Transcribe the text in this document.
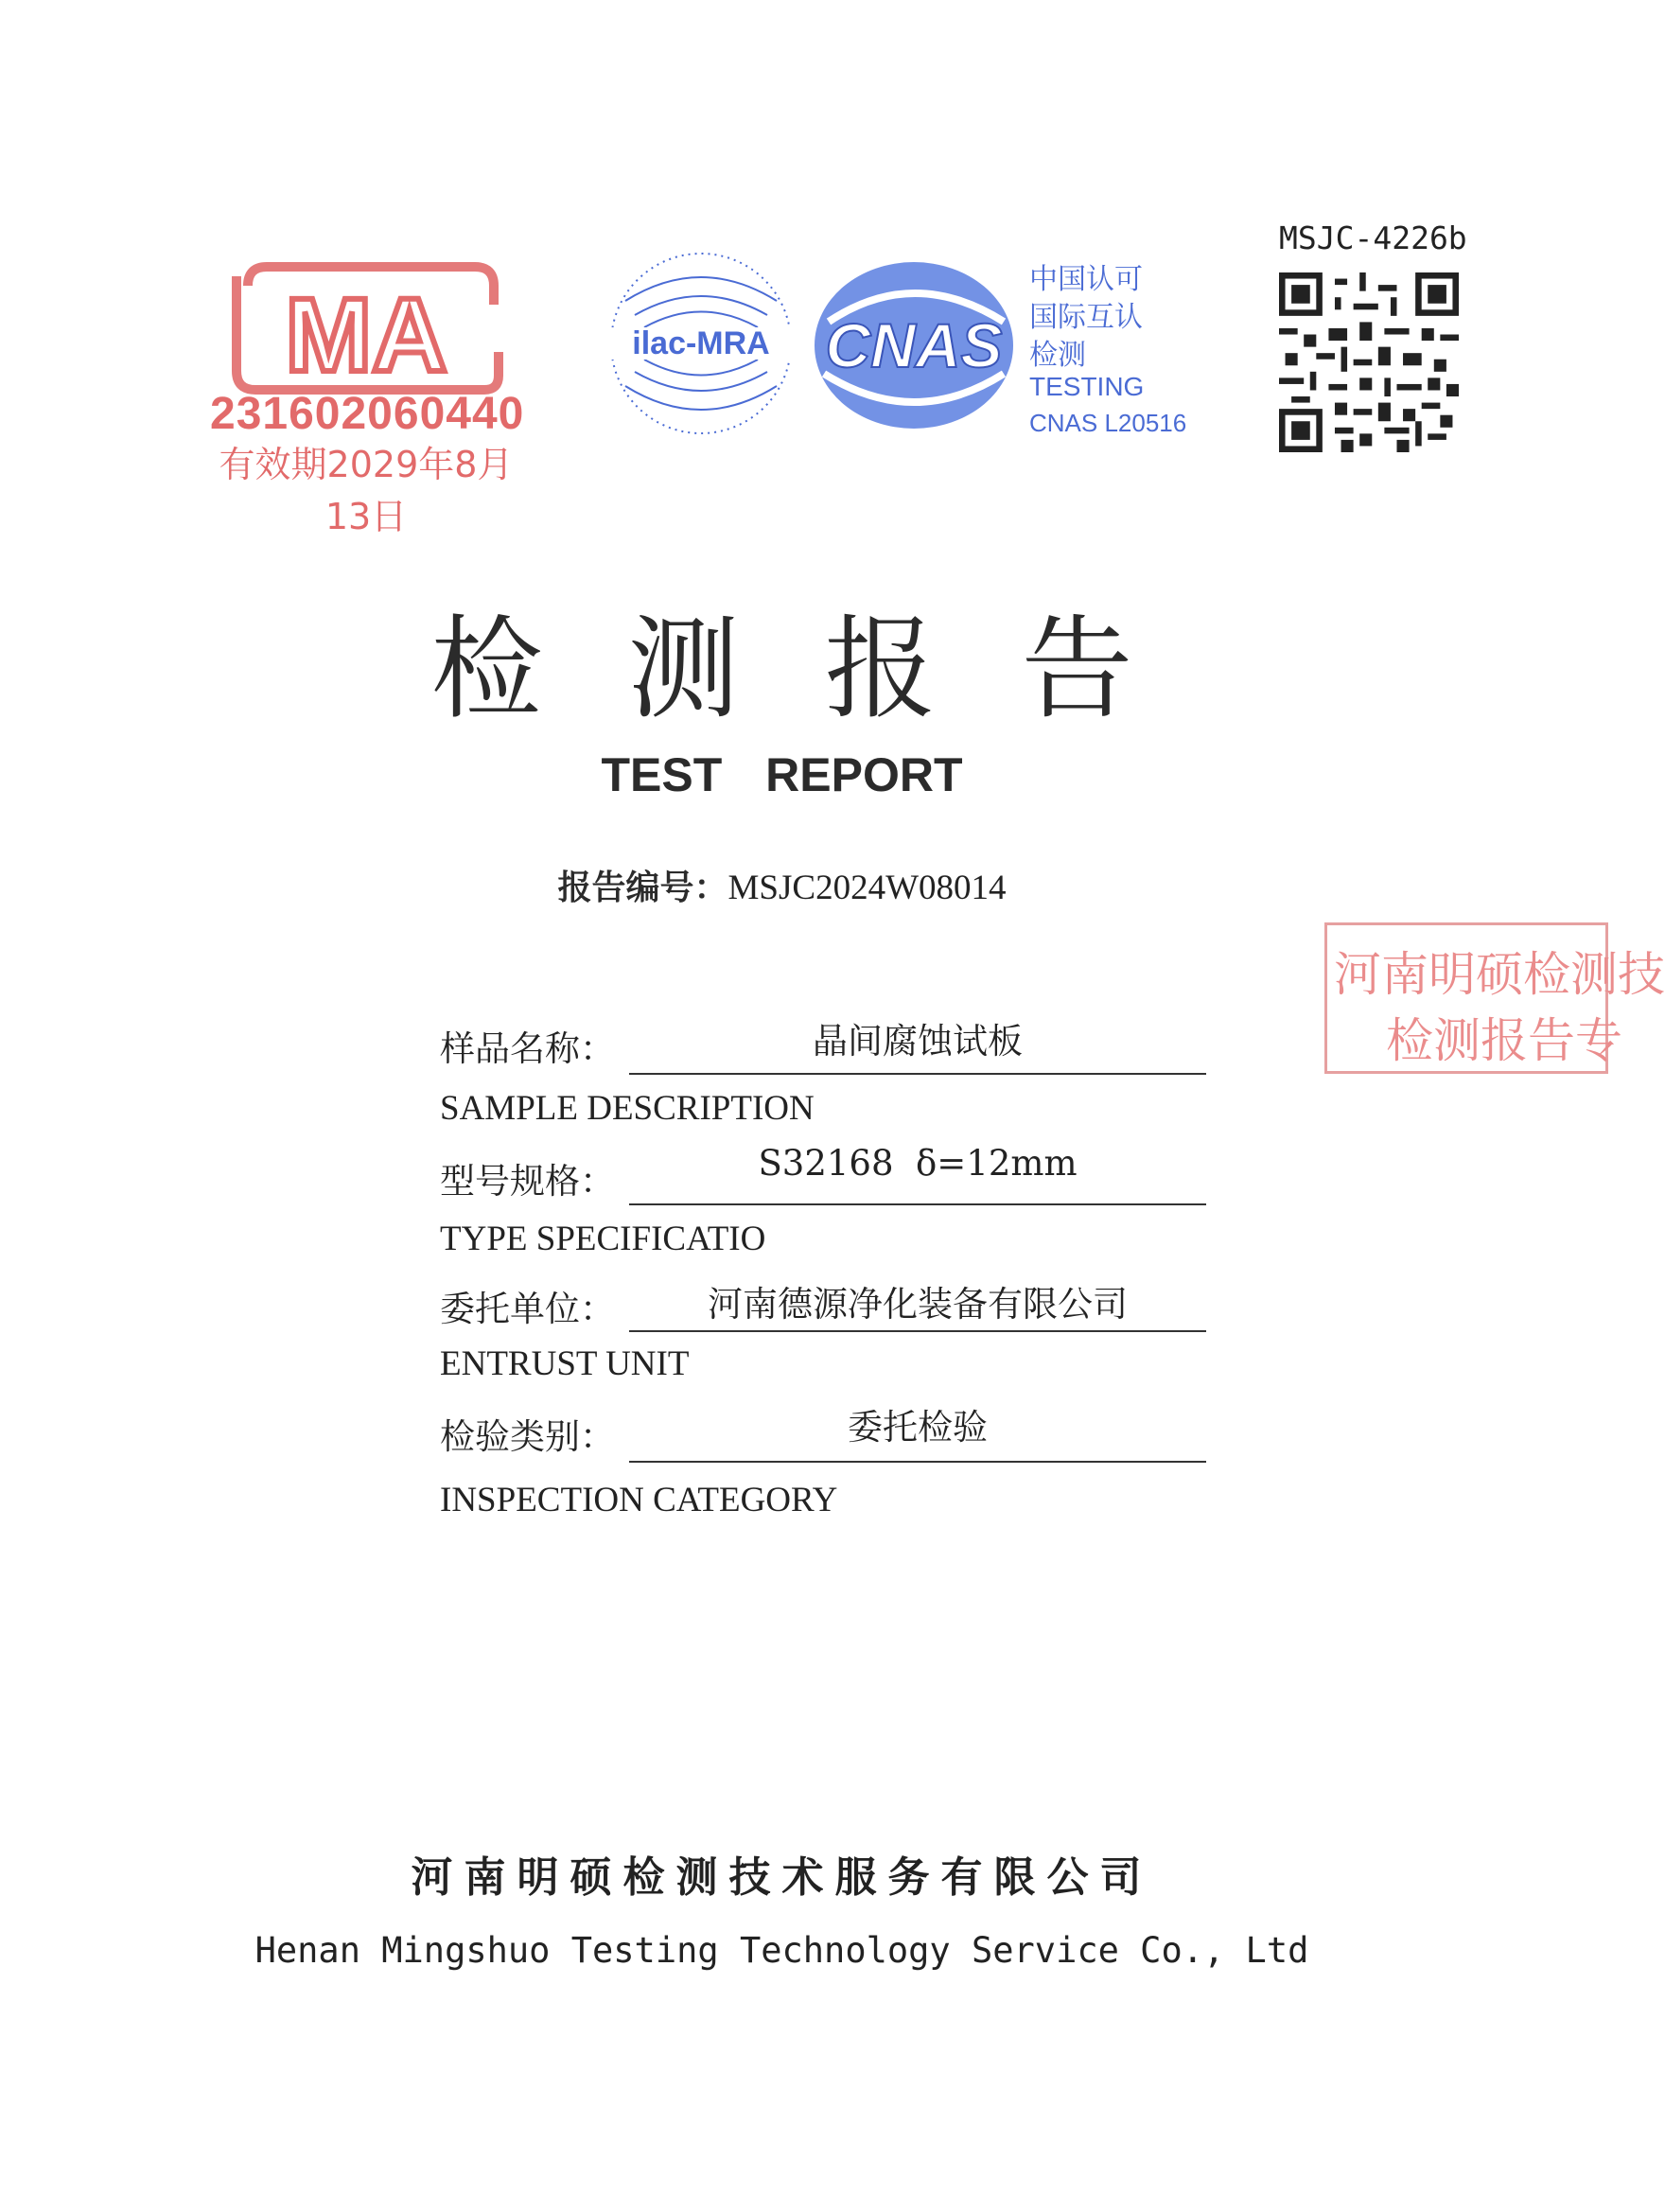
MA
231602060440
有效期2029年8月13日
ilac-MRA CNAS
中国认可
国际互认
检测
TESTING
CNAS L20516
MSJC-4226b
检测报告
TEST REPORT
报告编号：MSJC2024W08014
河南明硕检测技
检测报告专
样品名称：	晶间腐蚀试板
SAMPLE DESCRIPTION
型号规格：	S32168  δ=12mm
TYPE SPECIFICATIO
委托单位：	河南德源净化装备有限公司
ENTRUST UNIT
检验类别：	委托检验
INSPECTION CATEGORY
河南明硕检测技术服务有限公司
Henan Mingshuo Testing Technology Service Co., Ltd
